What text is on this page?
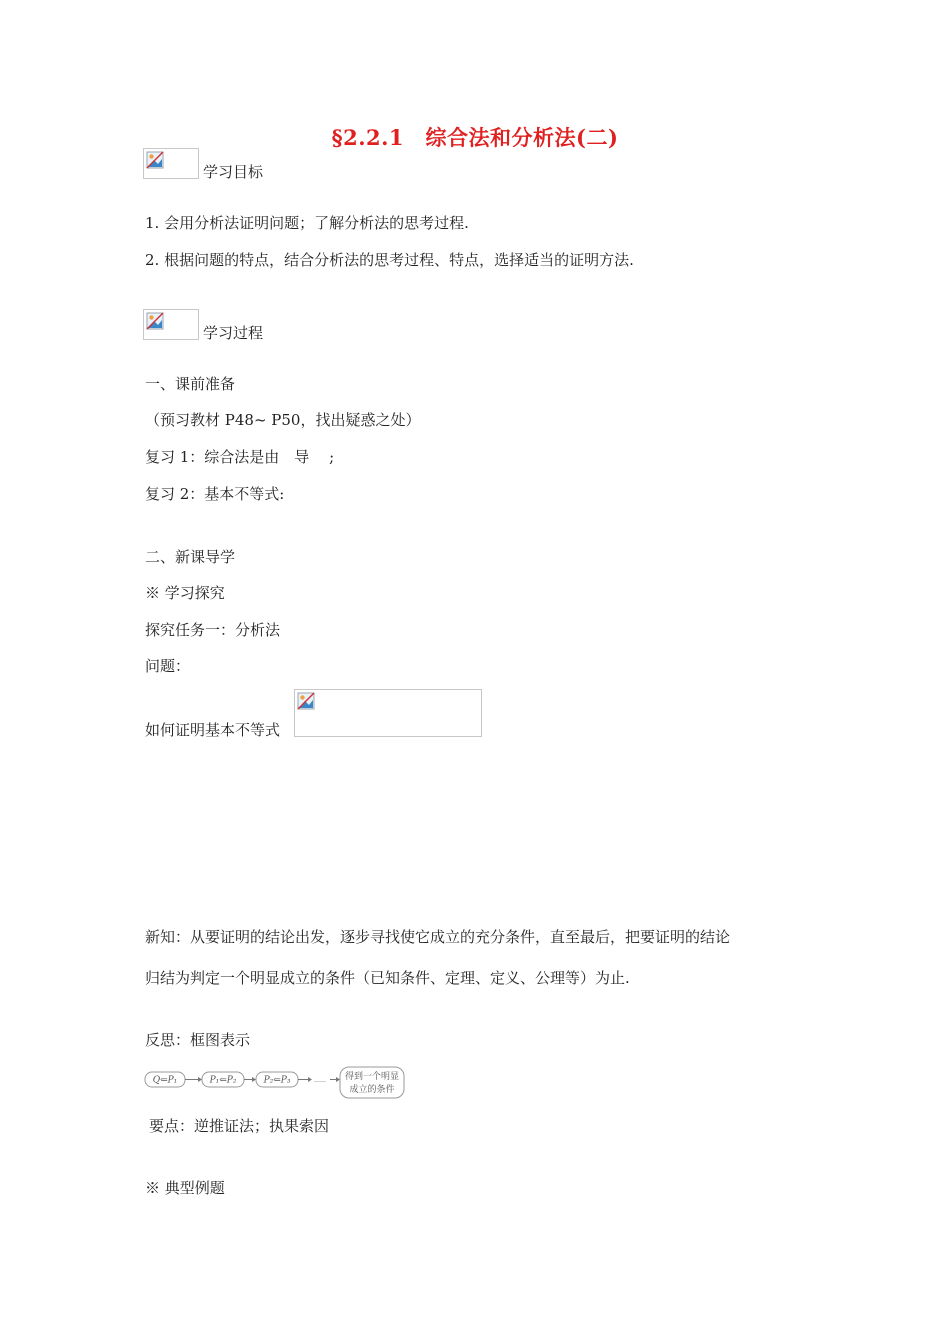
§2.2.1　综合法和分析法(二)
学习目标
1. 会用分析法证明问题；了解分析法的思考过程.
2. 根据问题的特点，结合分析法的思考过程、特点，选择适当的证明方法.
学习过程
一、课前准备
（预习教材 P48~ P50，找出疑惑之处）
复习 1：综合法是由　导　 ;
复习 2：基本不等式:
二、新课导学
※ 学习探究
探究任务一：分析法
问题：
如何证明基本不等式
新知：从要证明的结论出发，逐步寻找使它成立的充分条件，直至最后，把要证明的结论
归结为判定一个明显成立的条件（已知条件、定理、定义、公理等）为止.
反思：框图表示
Q⇐P₁	P₁⇐P₂	P₂⇐P₃	…… 得到一个明显
成立的条件
要点：逆推证法；执果索因
※ 典型例题
